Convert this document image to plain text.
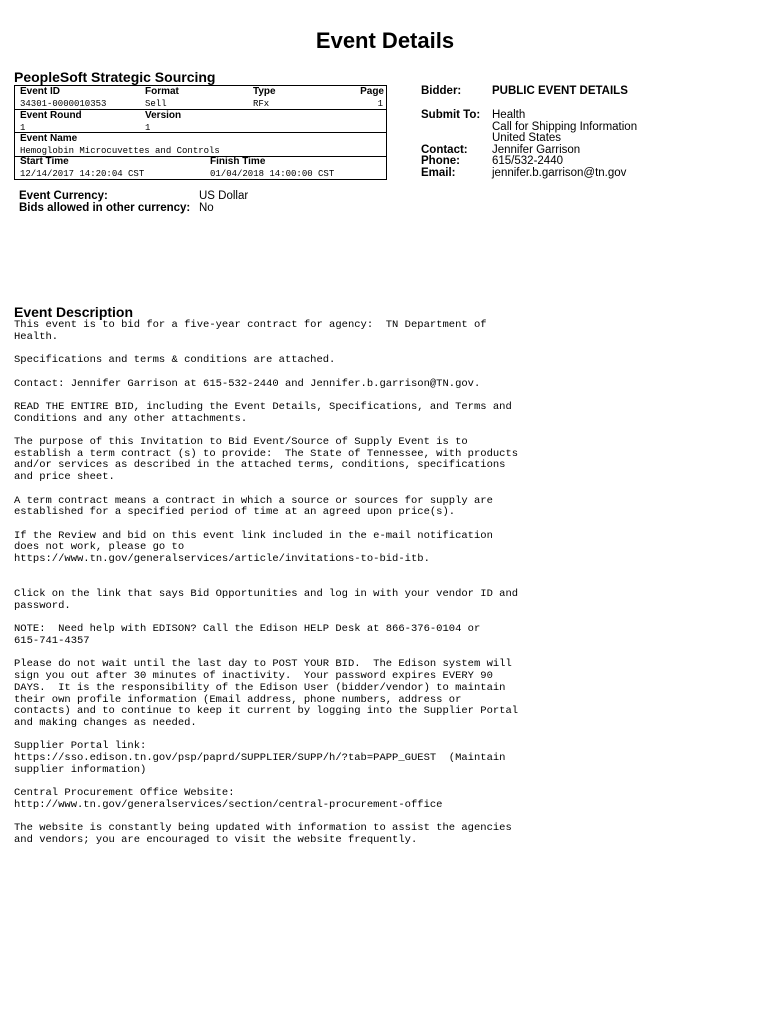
Event Details
PeopleSoft Strategic Sourcing
Event ID	Format	Type	Page
34301-0000010353	Sell	RFx	1
Event Round	Version
1	1
Event Name
Hemoglobin Microcuvettes and Controls
Start Time	Finish Time
12/14/2017 14:20:04 CST	01/04/2018 14:00:00 CST
Event Currency:	US Dollar
Bids allowed in other currency: No
Bidder:	PUBLIC EVENT DETAILS
Submit To: Health
Call for Shipping Information
United States
Contact: Jennifer Garrison
Phone:	615/532-2440
Email:	jennifer.b.garrison@tn.gov
Event Description
This event is to bid for a five-year contract for agency:  TN Department of
Health.

Specifications and terms & conditions are attached.

Contact: Jennifer Garrison at 615-532-2440 and Jennifer.b.garrison@TN.gov.

READ THE ENTIRE BID, including the Event Details, Specifications, and Terms and
Conditions and any other attachments.

The purpose of this Invitation to Bid Event/Source of Supply Event is to
establish a term contract (s) to provide:  The State of Tennessee, with products
and/or services as described in the attached terms, conditions, specifications
and price sheet.

A term contract means a contract in which a source or sources for supply are
established for a specified period of time at an agreed upon price(s).

If the Review and bid on this event link included in the e-mail notification
does not work, please go to
https://www.tn.gov/generalservices/article/invitations-to-bid-itb.

Click on the link that says Bid Opportunities and log in with your vendor ID and
password.

NOTE:  Need help with EDISON? Call the Edison HELP Desk at 866-376-0104 or
615-741-4357

Please do not wait until the last day to POST YOUR BID.  The Edison system will
sign you out after 30 minutes of inactivity.  Your password expires EVERY 90
DAYS.  It is the responsibility of the Edison User (bidder/vendor) to maintain
their own profile information (Email address, phone numbers, address or
contacts) and to continue to keep it current by logging into the Supplier Portal
and making changes as needed.

Supplier Portal link:
https://sso.edison.tn.gov/psp/paprd/SUPPLIER/SUPP/h/?tab=PAPP_GUEST  (Maintain
supplier information)

Central Procurement Office Website:
http://www.tn.gov/generalservices/section/central-procurement-office

The website is constantly being updated with information to assist the agencies
and vendors; you are encouraged to visit the website frequently.
